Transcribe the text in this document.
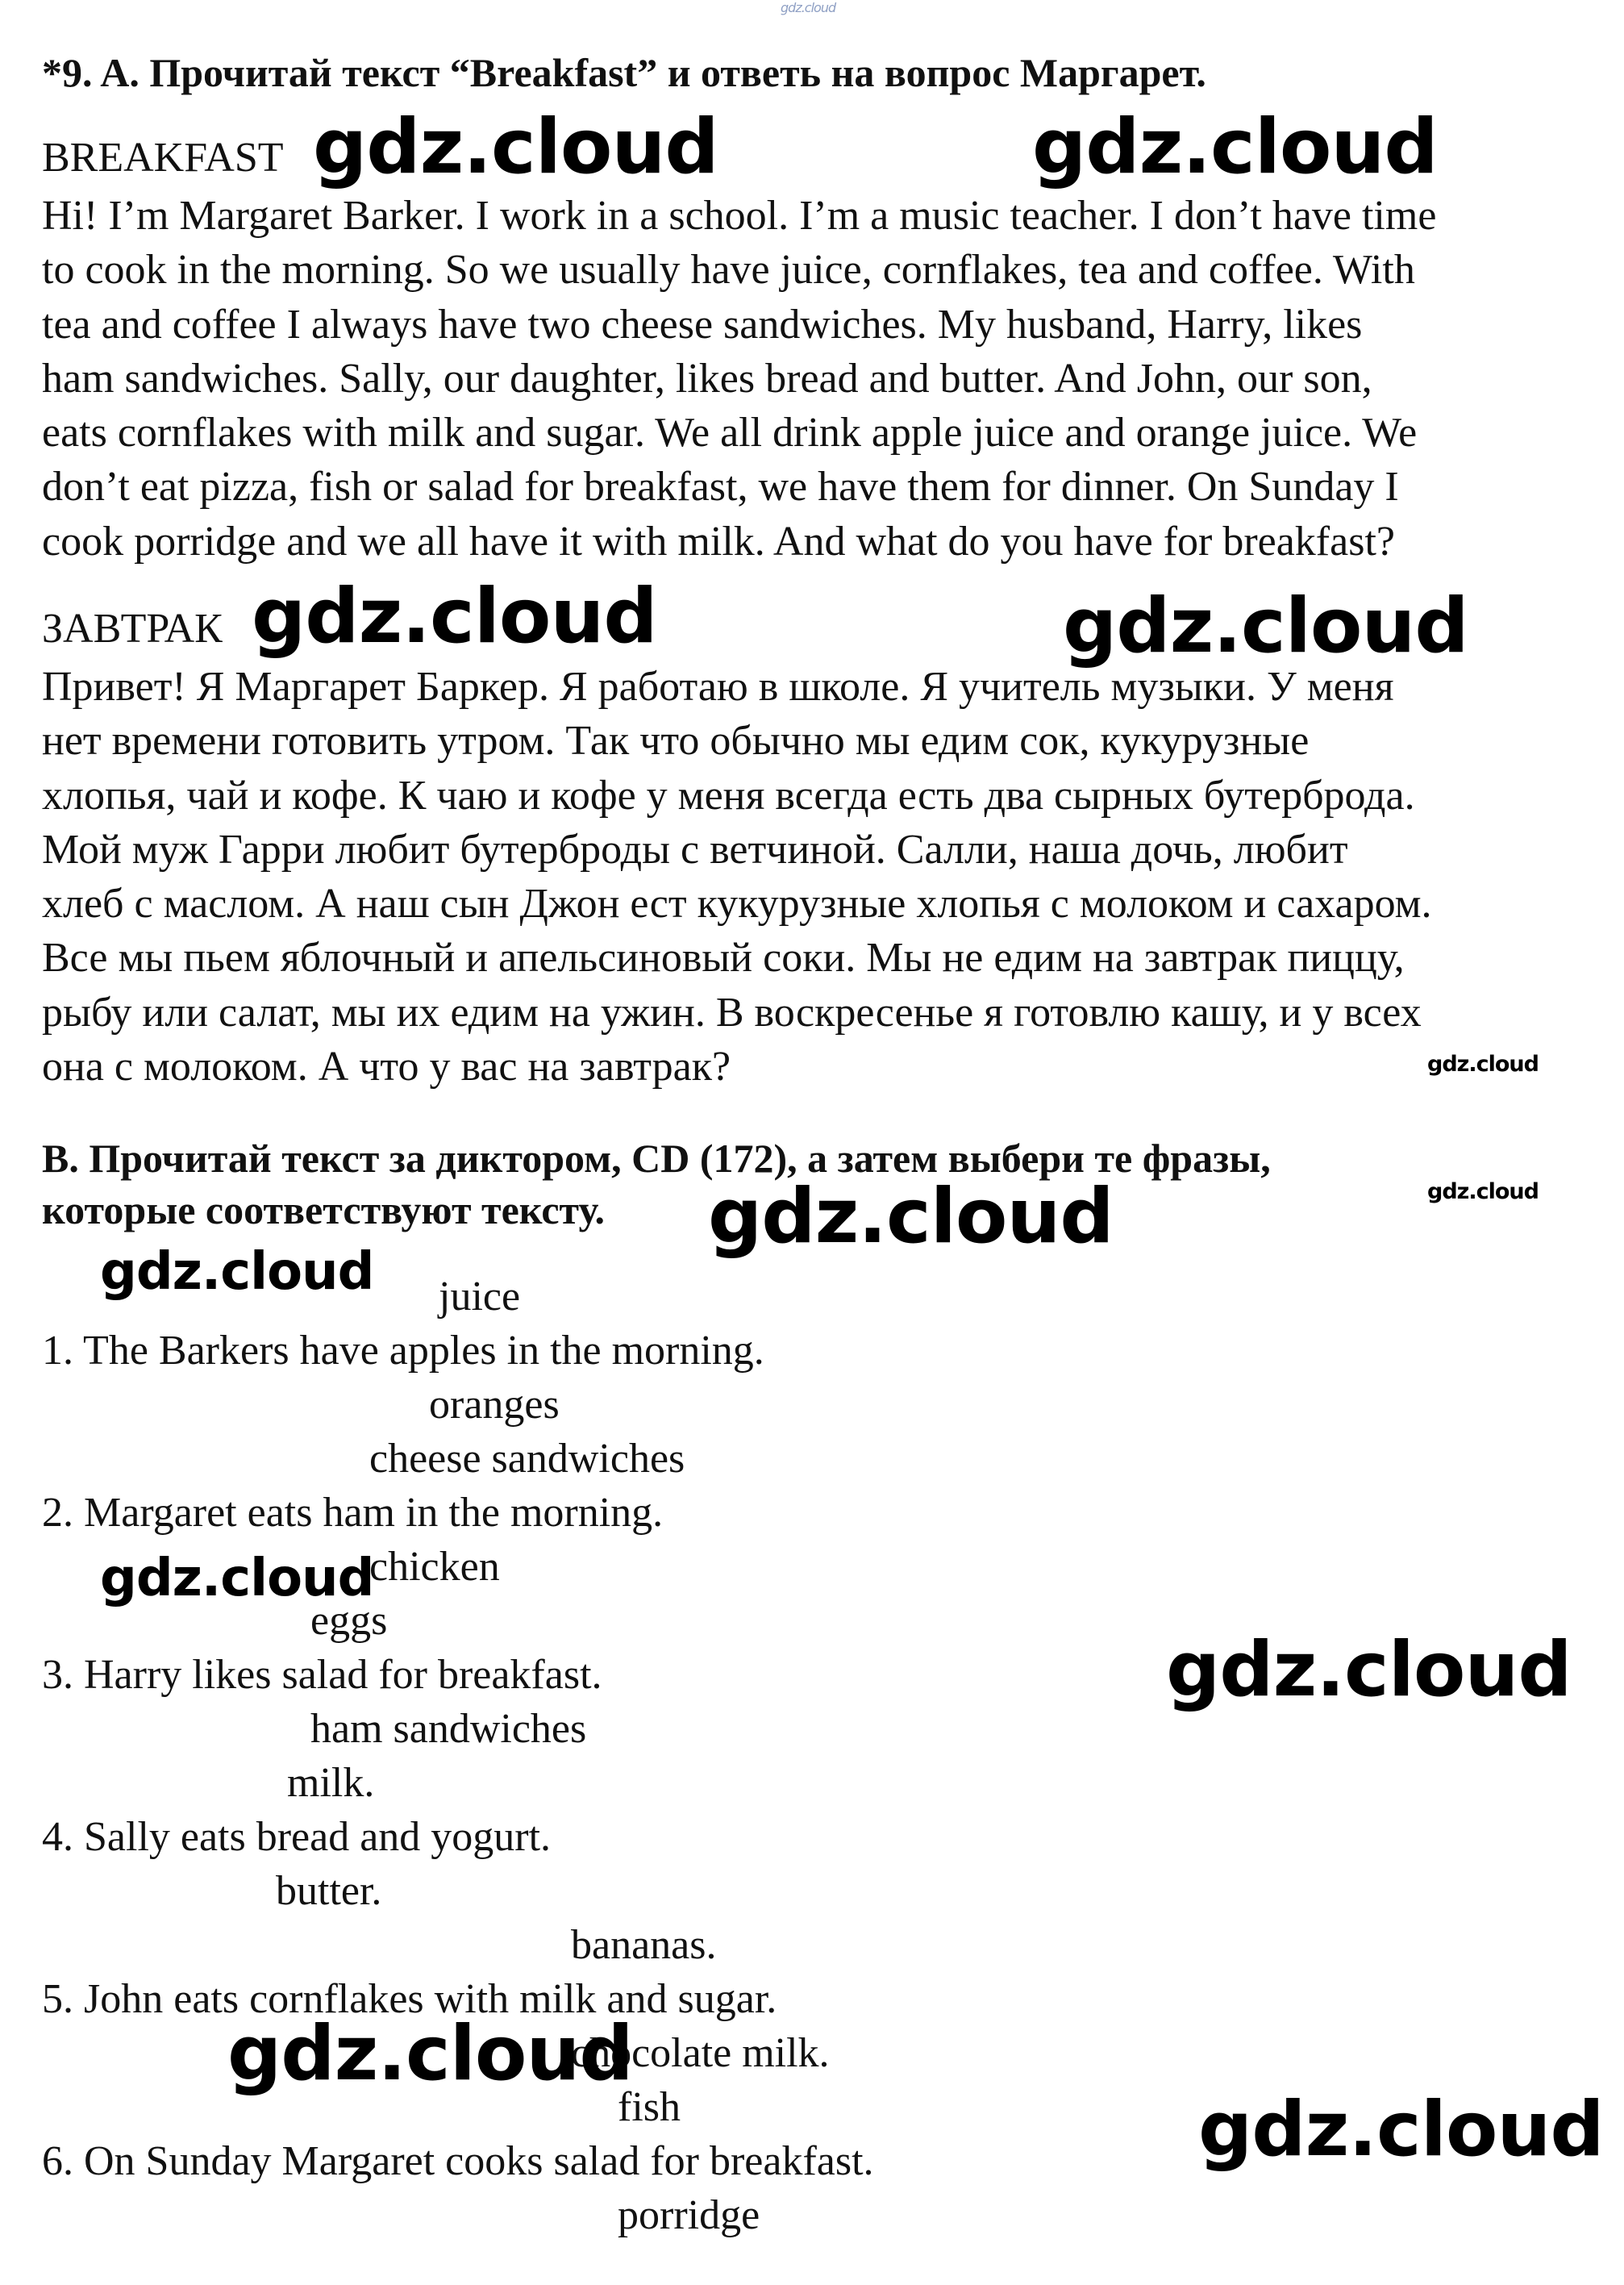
gdz.cloud
*9. A. Прочитай текст “Breakfast” и ответь на вопрос Маргарет.
BREAKFAST
Hi! I’m Margaret Barker. I work in a school. I’m a music teacher. I don’t have time
to cook in the morning. So we usually have juice, cornflakes, tea and coffee. With
tea and coffee I always have two cheese sandwiches. My husband, Harry, likes
ham sandwiches. Sally, our daughter, likes bread and butter. And John, our son,
eats cornflakes with milk and sugar. We all drink apple juice and orange juice. We
don’t eat pizza, fish or salad for breakfast, we have them for dinner. On Sunday I
cook porridge and we all have it with milk. And what do you have for breakfast?
ЗАВТРАК
Привет! Я Маргарет Баркер. Я работаю в школе. Я учитель музыки. У меня
нет времени готовить утром. Так что обычно мы едим сок, кукурузные
хлопья, чай и кофе. К чаю и кофе у меня всегда есть два сырных бутерброда.
Мой муж Гарри любит бутерброды с ветчиной. Салли, наша дочь, любит
хлеб с маслом. А наш сын Джон ест кукурузные хлопья с молоком и сахаром.
Все мы пьем яблочный и апельсиновый соки. Мы не едим на завтрак пиццу,
рыбу или салат, мы их едим на ужин. В воскресенье я готовлю кашу, и у всех
она с молоком. А что у вас на завтрак?
B. Прочитай текст за диктором, CD (172), а затем выбери те фразы,
которые соответствуют тексту.
juice
1. The Barkers have apples in the morning.
oranges
cheese sandwiches
2. Margaret eats ham in the morning.
chicken
eggs
3. Harry likes salad for breakfast.
ham sandwiches
milk.
4. Sally eats bread and yogurt.
butter.
bananas.
5. John eats cornflakes with milk and sugar.
chocolate milk.
fish
6. On Sunday Margaret cooks salad for breakfast.
porridge
gdz.cloud	gdz.cloud
gdz.cloud	gdz.cloud
gdz.cloud
gdz.cloud
gdz.cloud
gdz.cloud
gdz.cloud
gdz.cloud
gdz.cloud
gdz.cloud
